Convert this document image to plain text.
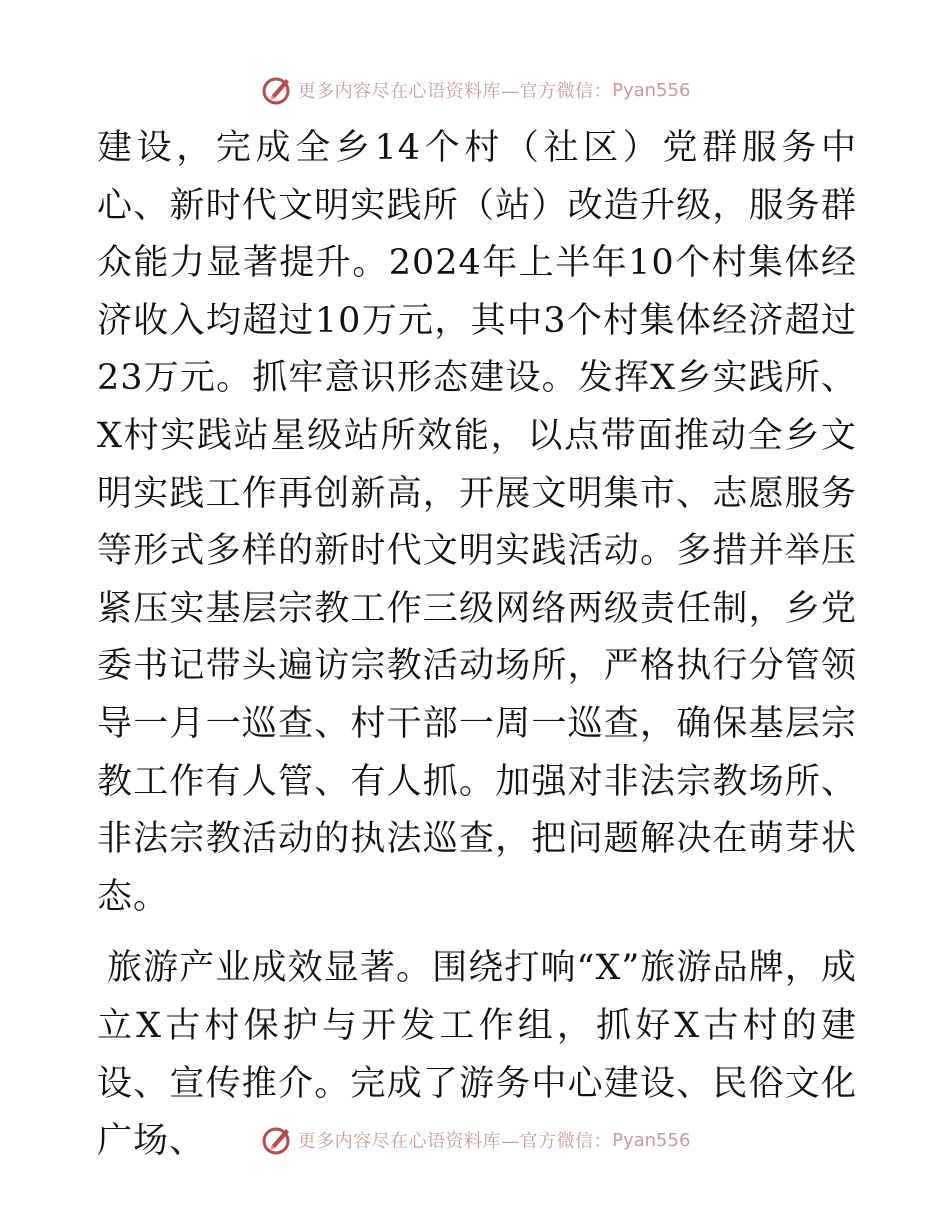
更多内容尽在心语资料库—官方微信： Pyan556

建设，完成全乡14个村（社区）党群服务中心、新时代文明实践所（站）改造升级，服务群众能力显著提升。2024年上半年10个村集体经济收入均超过10万元，其中3个村集体经济超过23万元。抓牢意识形态建设。发挥X乡实践所、X村实践站星级站所效能，以点带面推动全乡文明实践工作再创新高，开展文明集市、志愿服务等形式多样的新时代文明实践活动。多措并举压紧压实基层宗教工作三级网络两级责任制，乡党委书记带头遍访宗教活动场所，严格执行分管领导一月一巡查、村干部一周一巡查，确保基层宗教工作有人管、有人抓。加强对非法宗教场所、非法宗教活动的执法巡查，把问题解决在萌芽状态。

旅游产业成效显著。围绕打响“X”旅游品牌，成立X古村保护与开发工作组，抓好X古村的建设、宣传推介。完成了游务中心建设、民俗文化广场、	更多内容尽在心语资料库—官方微信： Pyan556
